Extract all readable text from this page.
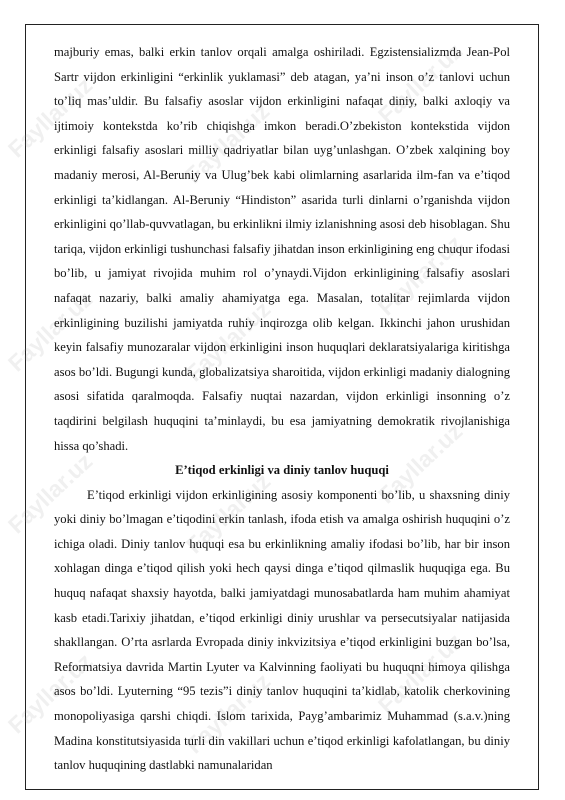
Fayllar.uz	Fayllar.uz
Fayllar.uz
Fayllar.uz	Fayllar.uz
Fayllar.uz
Fayllar.uz	Fayllar.uz
Fayllar.uz
Fayllar.uz	Fayllar.uz	Fayllar.uz

majburiy emas, balki erkin tanlov orqali amalga oshiriladi. Egzistensializmda Jean-Pol Sartr vijdon erkinligini “erkinlik yuklamasi” deb atagan, ya’ni inson o’z tanlovi uchun to’liq mas’uldir. Bu falsafiy asoslar vijdon erkinligini nafaqat diniy, balki axloqiy va ijtimoiy kontekstda ko’rib chiqishga imkon beradi.O’zbekiston kontekstida vijdon erkinligi falsafiy asoslari milliy qadriyatlar bilan uyg’unlashgan. O’zbek xalqining boy madaniy merosi, Al-Beruniy va Ulug’bek kabi olimlarning asarlarida ilm-fan va e’tiqod erkinligi ta’kidlangan. Al-Beruniy “Hindiston” asarida turli dinlarni o’rganishda vijdon erkinligini qo’llab-quvvatlagan, bu erkinlikni ilmiy izlanishning asosi deb hisoblagan. Shu tariqa, vijdon erkinligi tushunchasi falsafiy jihatdan inson erkinligining eng chuqur ifodasi bo’lib, u jamiyat rivojida muhim rol o’ynaydi.Vijdon erkinligining falsafiy asoslari nafaqat nazariy, balki amaliy ahamiyatga ega. Masalan, totalitar rejimlarda vijdon erkinligining buzilishi jamiyatda ruhiy inqirozga olib kelgan. Ikkinchi jahon urushidan keyin falsafiy munozaralar vijdon erkinligini inson huquqlari deklaratsiyalariga kiritishga asos bo’ldi. Bugungi kunda, globalizatsiya sharoitida, vijdon erkinligi madaniy dialogning asosi sifatida qaralmoqda. Falsafiy nuqtai nazardan, vijdon erkinligi insonning o’z taqdirini belgilash huquqini ta’minlaydi, bu esa jamiyatning demokratik rivojlanishiga hissa qo’shadi.

E’tiqod erkinligi va diniy tanlov huquqi

E’tiqod erkinligi vijdon erkinligining asosiy komponenti bo’lib, u shaxsning diniy yoki diniy bo’lmagan e’tiqodini erkin tanlash, ifoda etish va amalga oshirish huquqini o’z ichiga oladi. Diniy tanlov huquqi esa bu erkinlikning amaliy ifodasi bo’lib, har bir inson xohlagan dinga e’tiqod qilish yoki hech qaysi dinga e’tiqod qilmaslik huquqiga ega. Bu huquq nafaqat shaxsiy hayotda, balki jamiyatdagi munosabatlarda ham muhim ahamiyat kasb etadi.Tarixiy jihatdan, e’tiqod erkinligi diniy urushlar va persecutsiyalar natijasida shakllangan. O’rta asrlarda Evropada diniy inkvizitsiya e’tiqod erkinligini buzgan bo’lsa, Reformatsiya davrida Martin Lyuter va Kalvinning faoliyati bu huquqni himoya qilishga asos bo’ldi. Lyuterning “95 tezis”i diniy tanlov huquqini ta’kidlab, katolik cherkovining monopoliyasiga qarshi chiqdi. Islom tarixida, Payg’ambarimiz Muhammad (s.a.v.)ning Madina konstitutsiyasida turli din vakillari uchun e’tiqod erkinligi kafolatlangan, bu diniy tanlov huquqining dastlabki namunalaridan
